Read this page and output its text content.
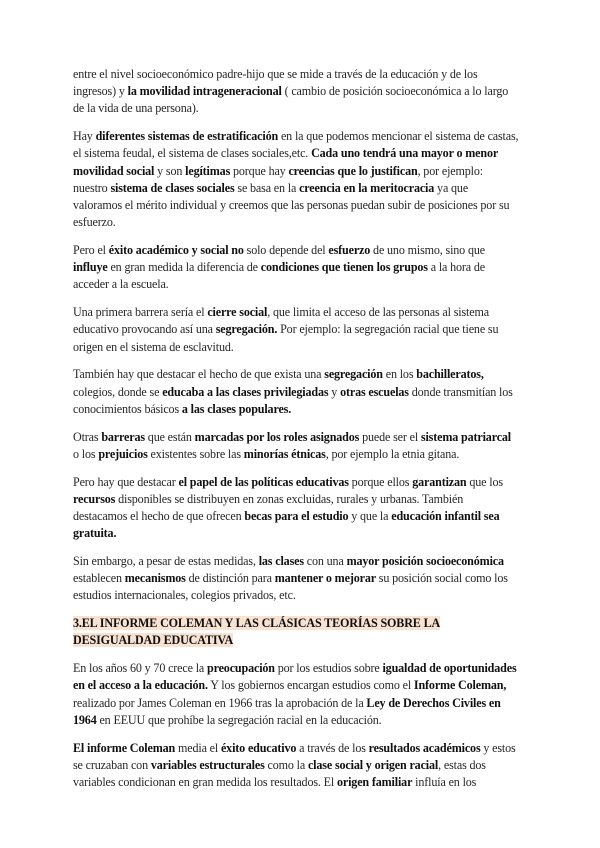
entre el nivel socioeconómico padre-hijo que se mide a través de la educación y de los ingresos) y la movilidad intrageneracional ( cambio de posición socioeconómica a lo largo de la vida de una persona).

Hay diferentes sistemas de estratificación en la que podemos mencionar el sistema de castas, el sistema feudal, el sistema de clases sociales,etc. Cada uno tendrá una mayor o menor movilidad social y son legítimas porque hay creencias que lo justifican, por ejemplo: nuestro sistema de clases sociales se basa en la creencia en la meritocracia ya que valoramos el mérito individual y creemos que las personas puedan subir de posiciones por su esfuerzo.

Pero el éxito académico y social no solo depende del esfuerzo de uno mismo, sino que influye en gran medida la diferencia de condiciones que tienen los grupos a la hora de acceder a la escuela.

Una primera barrera sería el cierre social, que limita el acceso de las personas al sistema educativo provocando así una segregación. Por ejemplo: la segregación racial que tiene su origen en el sistema de esclavitud.

También hay que destacar el hecho de que exista una segregación en los bachilleratos, colegios, donde se educaba a las clases privilegiadas y otras escuelas donde transmitían los conocimientos básicos a las clases populares.

Otras barreras que están marcadas por los roles asignados puede ser el sistema patriarcal o los prejuicios existentes sobre las minorías étnicas, por ejemplo la etnia gitana.

Pero hay que destacar el papel de las políticas educativas porque ellos garantizan que los recursos disponibles se distribuyen en zonas excluidas, rurales y urbanas. También destacamos el hecho de que ofrecen becas para el estudio y que la educación infantil sea gratuita.

Sin embargo, a pesar de estas medidas, las clases con una mayor posición socioeconómica establecen mecanismos de distinción para mantener o mejorar su posición social como los estudios internacionales, colegios privados, etc.

3.EL INFORME COLEMAN Y LAS CLÁSICAS TEORÍAS SOBRE LA DESIGUALDAD EDUCATIVA

En los años 60 y 70 crece la preocupación por los estudios sobre igualdad de oportunidades en el acceso a la educación. Y los gobiernos encargan estudios como el Informe Coleman, realizado por James Coleman en 1966 tras la aprobación de la Ley de Derechos Civiles en 1964 en EEUU que prohíbe la segregación racial en la educación.

El informe Coleman media el éxito educativo a través de los resultados académicos y estos se cruzaban con variables estructurales como la clase social y origen racial, estas dos variables condicionan en gran medida los resultados. El origen familiar influía en los
